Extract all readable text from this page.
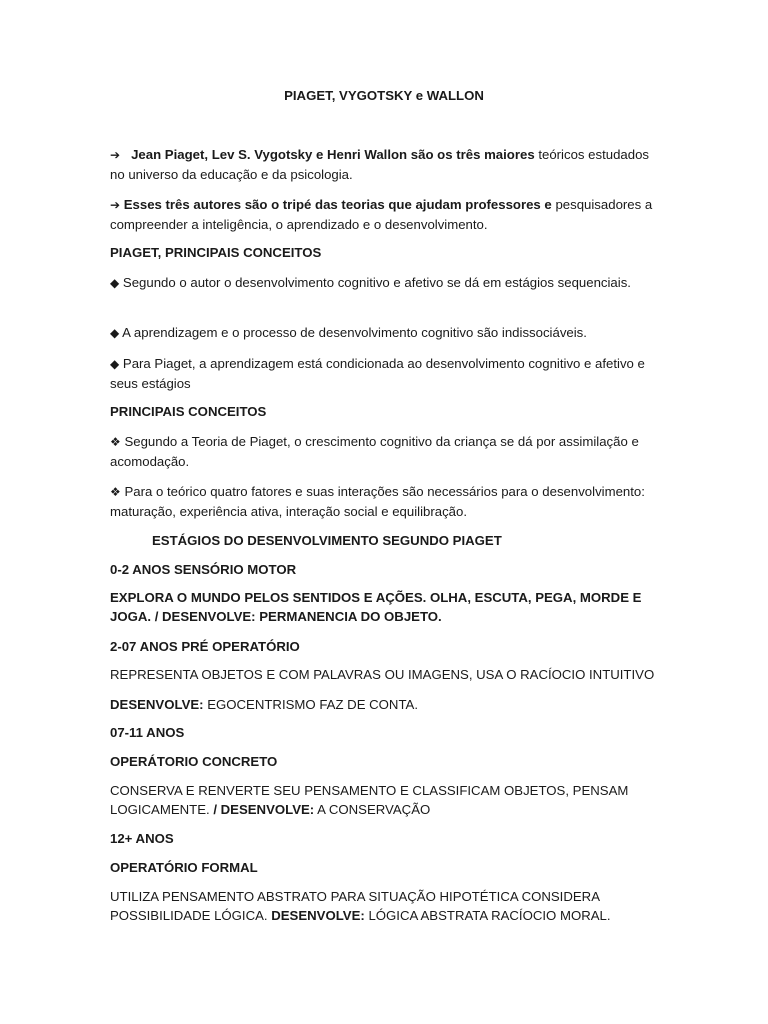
PIAGET, VYGOTSKY e WALLON
➔ Jean Piaget, Lev S. Vygotsky e Henri Wallon são os três maiores teóricos estudados no universo da educação e da psicologia.
➔ Esses três autores são o tripé das teorias que ajudam professores e pesquisadores a compreender a inteligência, o aprendizado e o desenvolvimento.
PIAGET, PRINCIPAIS CONCEITOS
◆ Segundo o autor o desenvolvimento cognitivo e afetivo se dá em estágios sequenciais.
◆ A aprendizagem e o processo de desenvolvimento cognitivo são indissociáveis.
◆ Para Piaget, a aprendizagem está condicionada ao desenvolvimento cognitivo e afetivo e seus estágios
PRINCIPAIS CONCEITOS
❖ Segundo a Teoria de Piaget, o crescimento cognitivo da criança se dá por assimilação e acomodação.
❖ Para o teórico quatro fatores e suas interações são necessários para o desenvolvimento: maturação, experiência ativa, interação social e equilibração.
ESTÁGIOS DO DESENVOLVIMENTO SEGUNDO PIAGET
0-2 ANOS SENSÓRIO MOTOR
EXPLORA O MUNDO PELOS SENTIDOS E AÇÕES. OLHA, ESCUTA, PEGA, MORDE E JOGA. / DESENVOLVE: PERMANENCIA DO OBJETO.
2-07 ANOS PRÉ OPERATÓRIO
REPRESENTA OBJETOS E COM PALAVRAS OU IMAGENS, USA O RACÍOCIO INTUITIVO
DESENVOLVE: EGOCENTRISMO FAZ DE CONTA.
07-11 ANOS
OPERÁTORIO CONCRETO
CONSERVA E RENVERTE SEU PENSAMENTO E CLASSIFICAM OBJETOS, PENSAM LOGICAMENTE. / DESENVOLVE: A CONSERVAÇÃO
12+ ANOS
OPERATÓRIO FORMAL
UTILIZA PENSAMENTO ABSTRATO PARA SITUAÇÃO HIPOTÉTICA CONSIDERA POSSIBILIDADE LÓGICA. DESENVOLVE: LÓGICA ABSTRATA RACÍOCIO MORAL.
